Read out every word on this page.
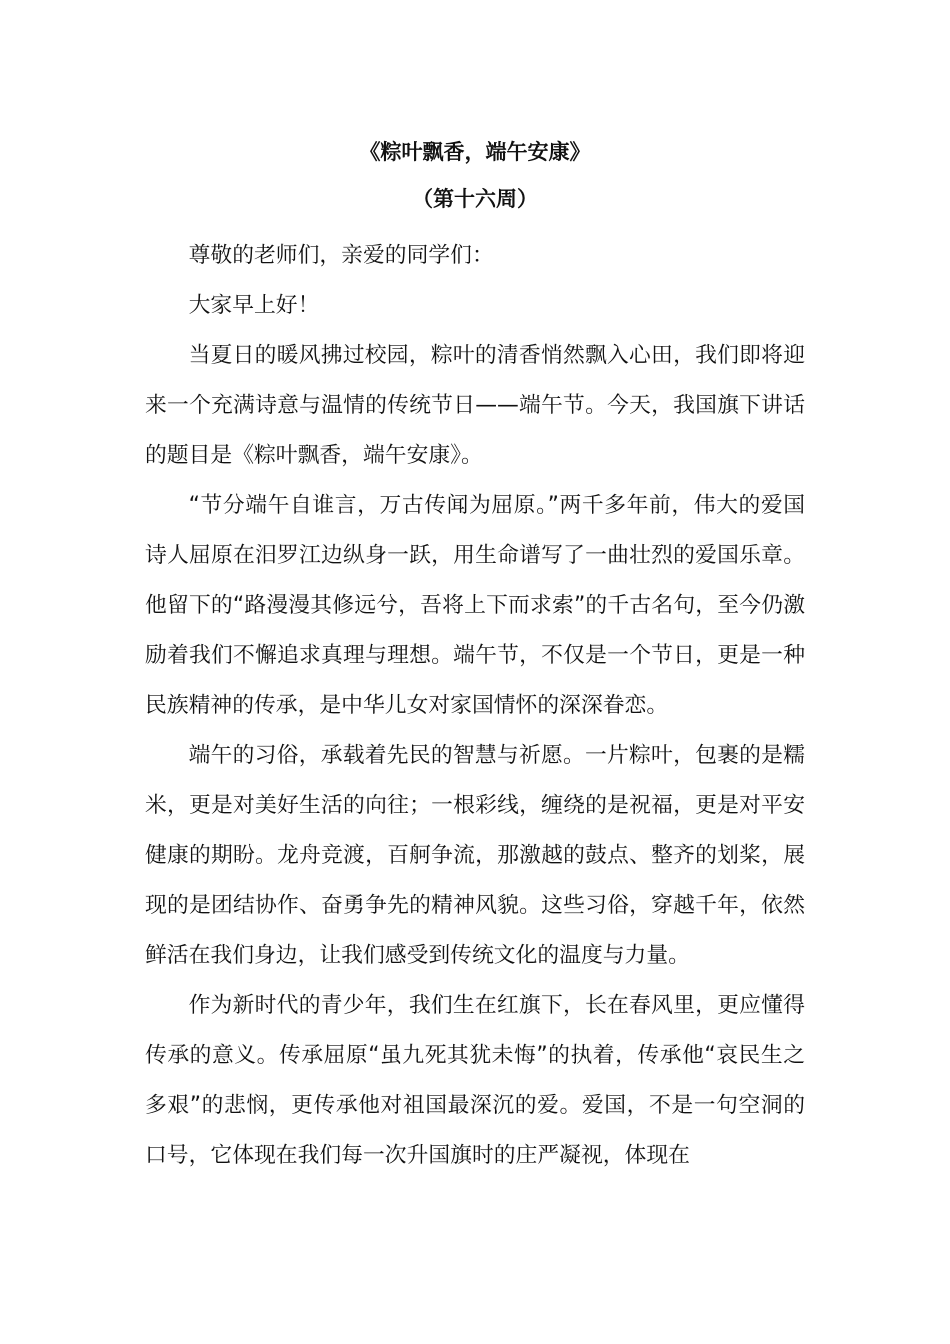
《粽叶飘香，端午安康》
（第十六周）

尊敬的老师们，亲爱的同学们：

大家早上好！

当夏日的暖风拂过校园，粽叶的清香悄然飘入心田，我们即将迎来一个充满诗意与温情的传统节日——端午节。今天，我国旗下讲话的题目是《粽叶飘香，端午安康》。

“节分端午自谁言，万古传闻为屈原。”两千多年前，伟大的爱国诗人屈原在汨罗江边纵身一跃，用生命谱写了一曲壮烈的爱国乐章。他留下的“路漫漫其修远兮，吾将上下而求索”的千古名句，至今仍激励着我们不懈追求真理与理想。端午节，不仅是一个节日，更是一种民族精神的传承，是中华儿女对家国情怀的深深眷恋。

端午的习俗，承载着先民的智慧与祈愿。一片粽叶，包裹的是糯米，更是对美好生活的向往；一根彩线，缠绕的是祝福，更是对平安健康的期盼。龙舟竞渡，百舸争流，那激越的鼓点、整齐的划桨，展现的是团结协作、奋勇争先的精神风貌。这些习俗，穿越千年，依然鲜活在我们身边，让我们感受到传统文化的温度与力量。

作为新时代的青少年，我们生在红旗下，长在春风里，更应懂得传承的意义。传承屈原“虽九死其犹未悔”的执着，传承他“哀民生之多艰”的悲悯，更传承他对祖国最深沉的爱。爱国，不是一句空洞的口号，它体现在我们每一次升国旗时的庄严凝视，体现在
